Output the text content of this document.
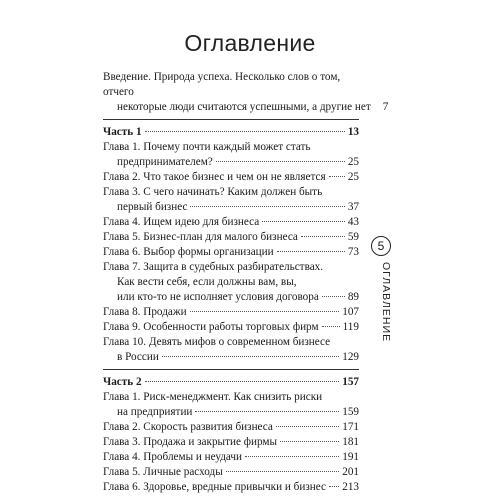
Оглавление
Введение. Природа успеха. Несколько слов о том, отчего
некоторые люди считаются успешными, а другие нет 7
Часть 1	13
Глава 1. Почему почти каждый может стать
предпринимателем?	25
Глава 2. Что такое бизнес и чем он не является 25
Глава 3. С чего начинать? Каким должен быть
первый бизнес	37
Глава 4. Ищем идею для бизнеса	43
Глава 5. Бизнес-план для малого бизнеса	59
Глава 6. Выбор формы организации	73
Глава 7. Защита в судебных разбирательствах.
Как вести себя, если должны вам, вы,
или кто-то не исполняет условия договора	89
Глава 8. Продажи	107
Глава 9. Особенности работы торговых фирм 119
Глава 10. Девять мифов о современном бизнесе
в России	129
Часть 2	157
Глава 1. Риск-менеджмент. Как снизить риски
на предприятии	159
Глава 2. Скорость развития бизнеса	171
Глава 3. Продажа и закрытие фирмы	181
Глава 4. Проблемы и неудачи	191
Глава 5. Личные расходы	201
Глава 6. Здоровье, вредные привычки и бизнес 213
5
ОГЛАВЛЕНИЕ
